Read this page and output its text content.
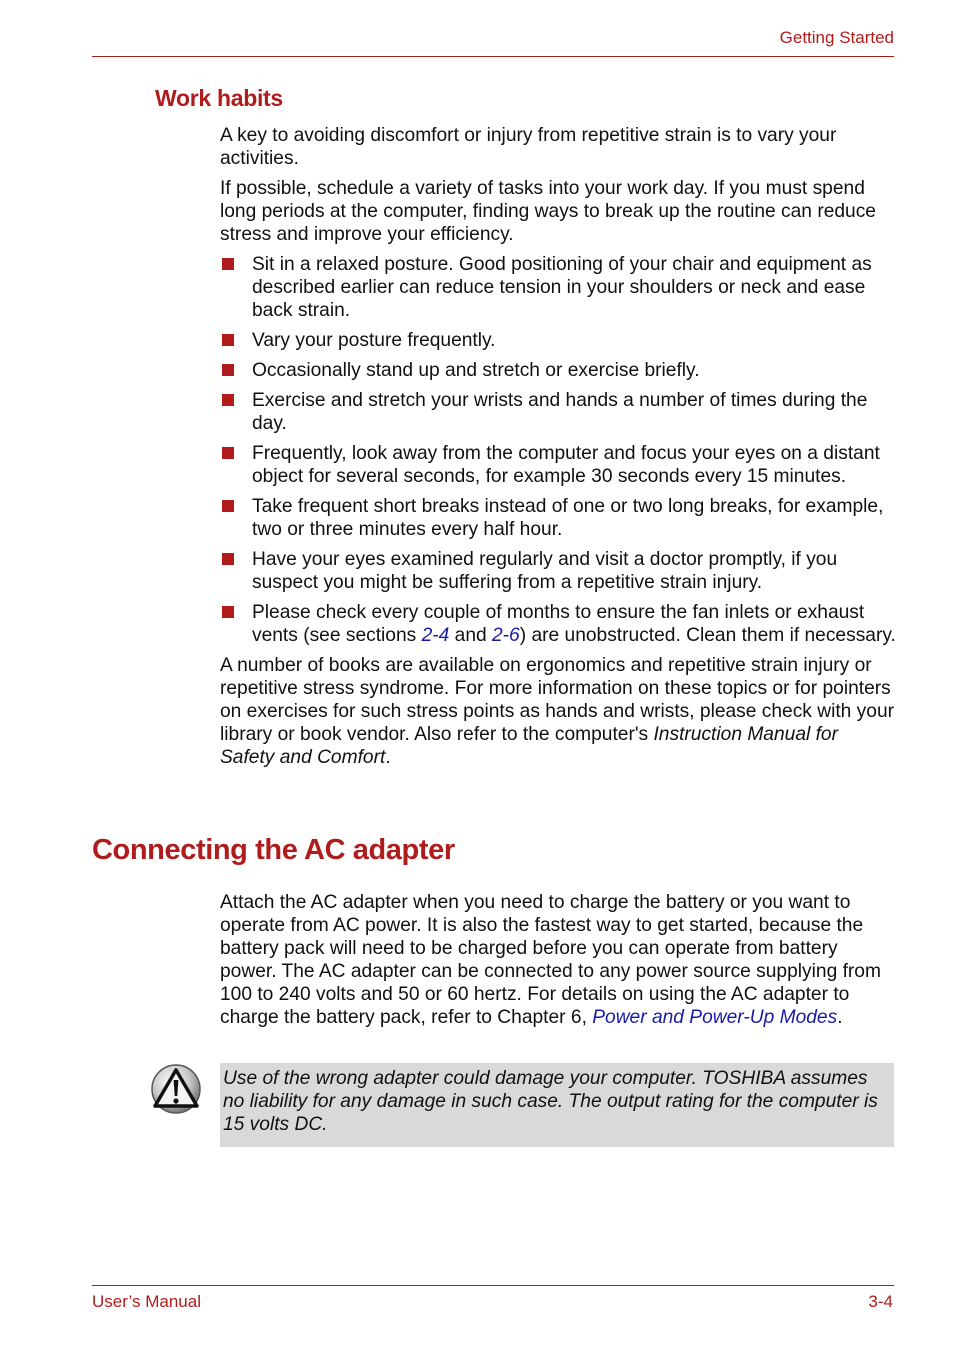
Getting Started
Work habits

A key to avoiding discomfort or injury from repetitive strain is to vary your activities.

If possible, schedule a variety of tasks into your work day. If you must spend long periods at the computer, finding ways to break up the routine can reduce stress and improve your efficiency.

Sit in a relaxed posture. Good positioning of your chair and equipment as described earlier can reduce tension in your shoulders or neck and ease back strain.
Vary your posture frequently.
Occasionally stand up and stretch or exercise briefly.
Exercise and stretch your wrists and hands a number of times during the day.
Frequently, look away from the computer and focus your eyes on a distant object for several seconds, for example 30 seconds every 15 minutes.
Take frequent short breaks instead of one or two long breaks, for example, two or three minutes every half hour.
Have your eyes examined regularly and visit a doctor promptly, if you suspect you might be suffering from a repetitive strain injury.
Please check every couple of months to ensure the fan inlets or exhaust vents (see sections 2-4 and 2-6) are unobstructed. Clean them if necessary.

A number of books are available on ergonomics and repetitive strain injury or repetitive stress syndrome. For more information on these topics or for pointers on exercises for such stress points as hands and wrists, please check with your library or book vendor. Also refer to the computer's Instruction Manual for Safety and Comfort.

Connecting the AC adapter

Attach the AC adapter when you need to charge the battery or you want to operate from AC power. It is also the fastest way to get started, because the battery pack will need to be charged before you can operate from battery power. The AC adapter can be connected to any power source supplying from 100 to 240 volts and 50 or 60 hertz. For details on using the AC adapter to charge the battery pack, refer to Chapter 6, Power and Power-Up Modes.

Use of the wrong adapter could damage your computer. TOSHIBA assumes no liability for any damage in such case. The output rating for the computer is 15 volts DC.
User’s Manual	3-4
